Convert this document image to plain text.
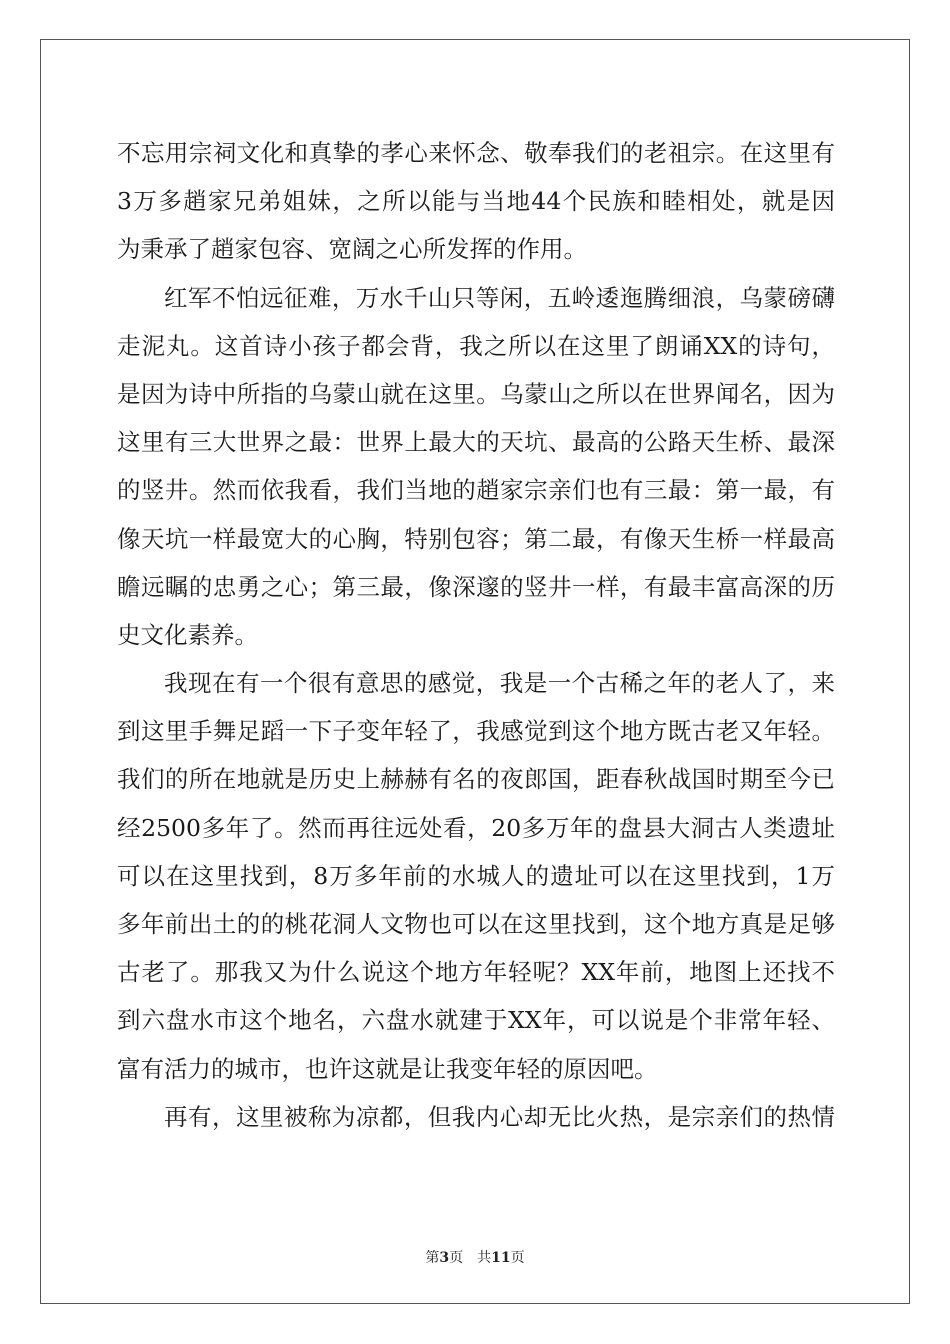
不忘用宗祠文化和真挚的孝心来怀念、敬奉我们的老祖宗。在这里有
3万多趙家兄弟姐妹，之所以能与当地44个民族和睦相处，就是因
为秉承了趙家包容、宽阔之心所发挥的作用。
红军不怕远征难，万水千山只等闲，五岭逶迤腾细浪，乌蒙磅礴
走泥丸。这首诗小孩子都会背，我之所以在这里了朗诵XX的诗句，
是因为诗中所指的乌蒙山就在这里。乌蒙山之所以在世界闻名，因为
这里有三大世界之最：世界上最大的天坑、最高的公路天生桥、最深
的竖井。然而依我看，我们当地的趙家宗亲们也有三最：第一最，有
像天坑一样最宽大的心胸，特别包容；第二最，有像天生桥一样最高
瞻远瞩的忠勇之心；第三最，像深邃的竖井一样，有最丰富高深的历
史文化素养。
我现在有一个很有意思的感觉，我是一个古稀之年的老人了，来
到这里手舞足蹈一下子变年轻了，我感觉到这个地方既古老又年轻。
我们的所在地就是历史上赫赫有名的夜郎国，距春秋战国时期至今已
经2500多年了。然而再往远处看，20多万年的盘县大洞古人类遗址
可以在这里找到，8万多年前的水城人的遗址可以在这里找到，1万
多年前出土的的桃花洞人文物也可以在这里找到，这个地方真是足够
古老了。那我又为什么说这个地方年轻呢？XX年前，地图上还找不
到六盘水市这个地名，六盘水就建于XX年，可以说是个非常年轻、
富有活力的城市，也许这就是让我变年轻的原因吧。
再有，这里被称为凉都，但我内心却无比火热，是宗亲们的热情
第3页 共11页
